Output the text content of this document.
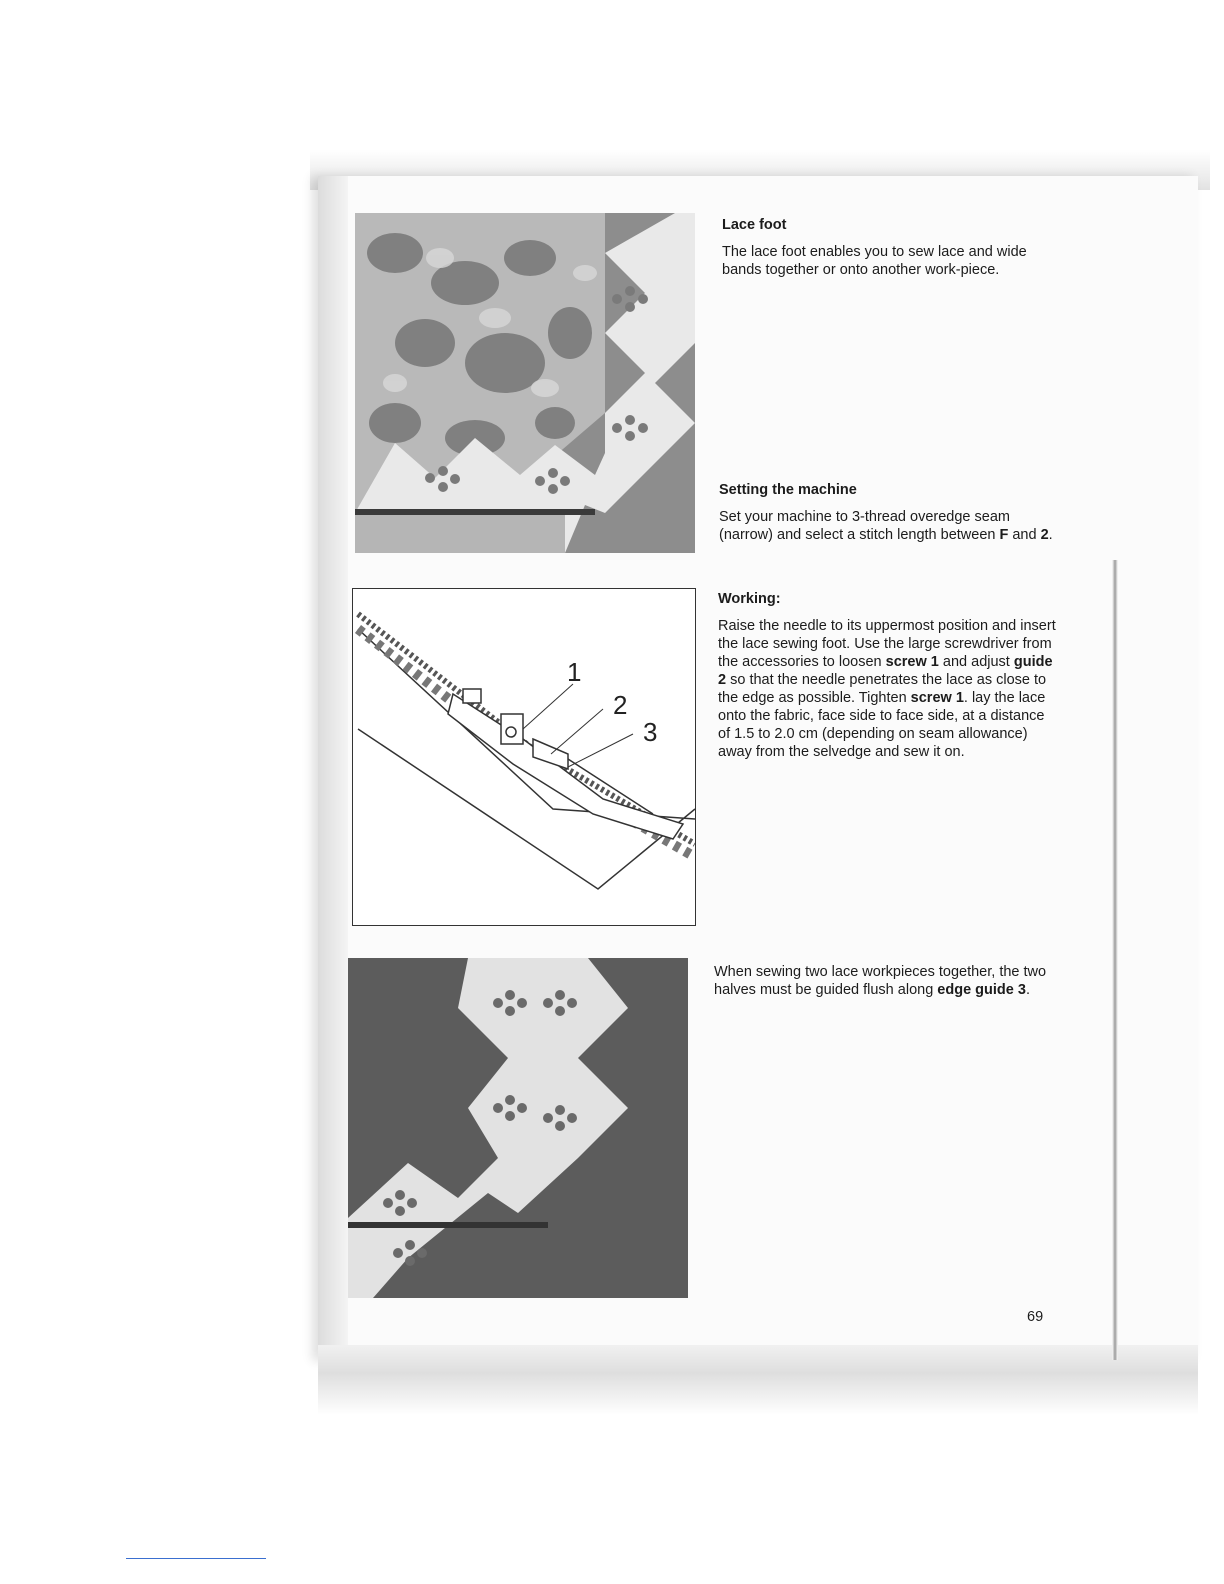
1
2
3

Lace foot

The lace foot enables you to sew lace and wide bands together or onto another work-piece.

Setting the machine

Set your machine to 3-thread overedge seam (narrow) and select a stitch length between F and 2.

Working:

Raise the needle to its uppermost position and insert the lace sewing foot. Use the large screwdriver from the accessories to loosen screw 1 and adjust guide 2 so that the needle penetrates the lace as close to the edge as possible. Tighten screw 1. lay the lace onto the fabric, face side to face side, at a distance of 1.5 to 2.0 cm (depending on seam allowance) away from the selvedge and sew it on.

When sewing two lace workpieces together, the two halves must be guided flush along edge guide 3.

69
